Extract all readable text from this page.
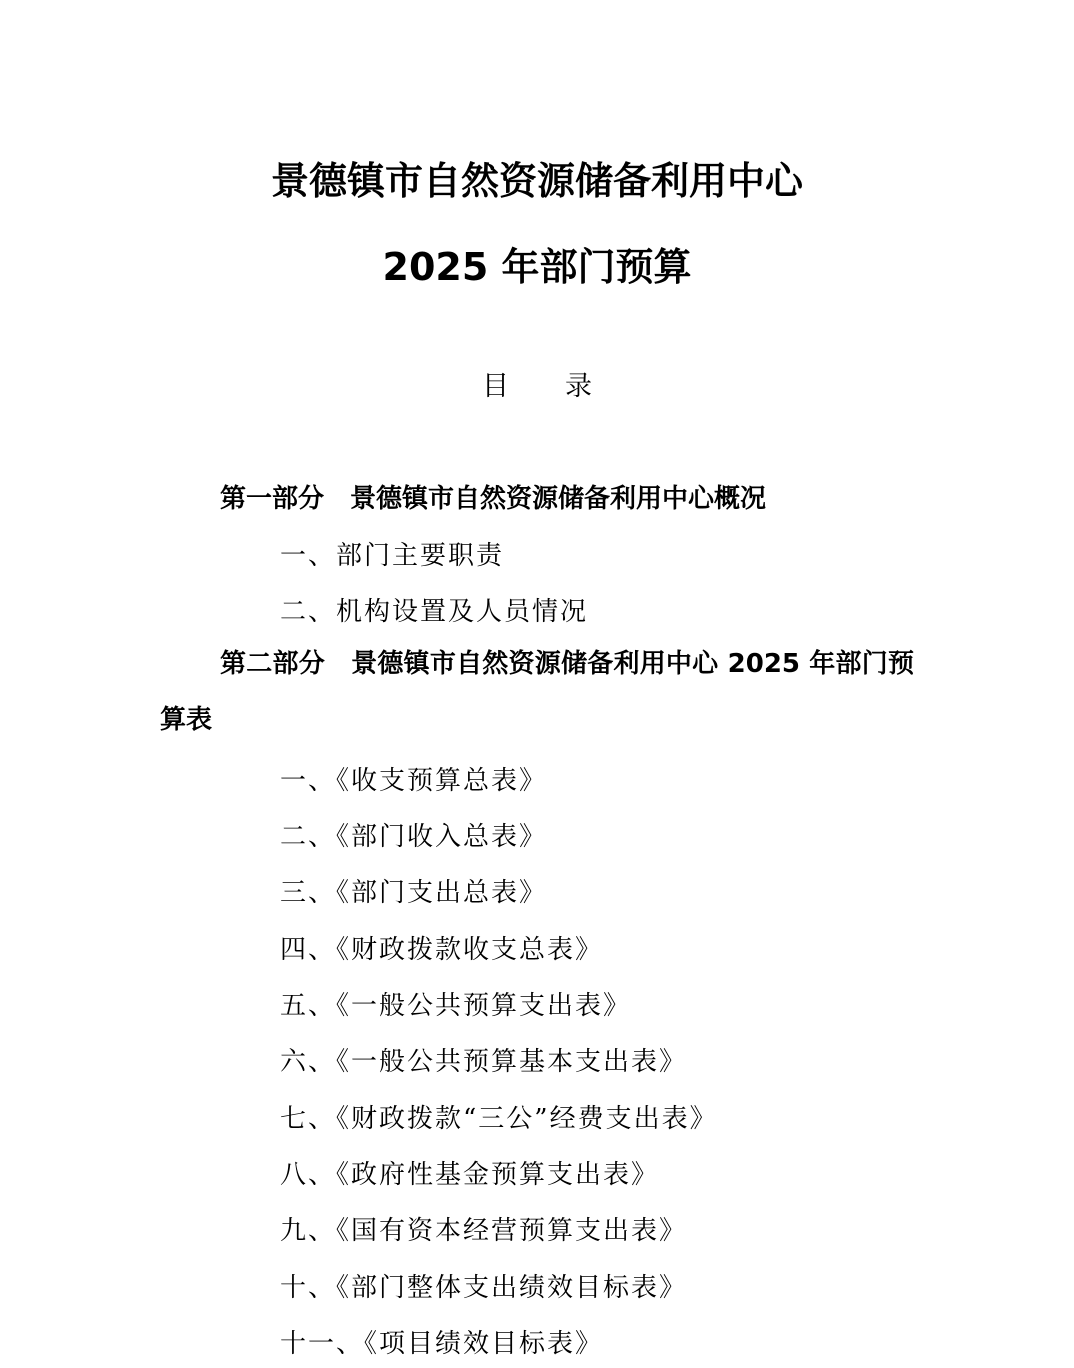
景德镇市自然资源储备利用中心
2025 年部门预算
目录
第一部分　景德镇市自然资源储备利用中心概况
一、部门主要职责
二、机构设置及人员情况
第二部分　景德镇市自然资源储备利用中心 2025 年部门预算表
一、《收支预算总表》
二、《部门收入总表》
三、《部门支出总表》
四、《财政拨款收支总表》
五、《一般公共预算支出表》
六、《一般公共预算基本支出表》
七、《财政拨款“三公”经费支出表》
八、《政府性基金预算支出表》
九、《国有资本经营预算支出表》
十、《部门整体支出绩效目标表》
十一、《项目绩效目标表》
